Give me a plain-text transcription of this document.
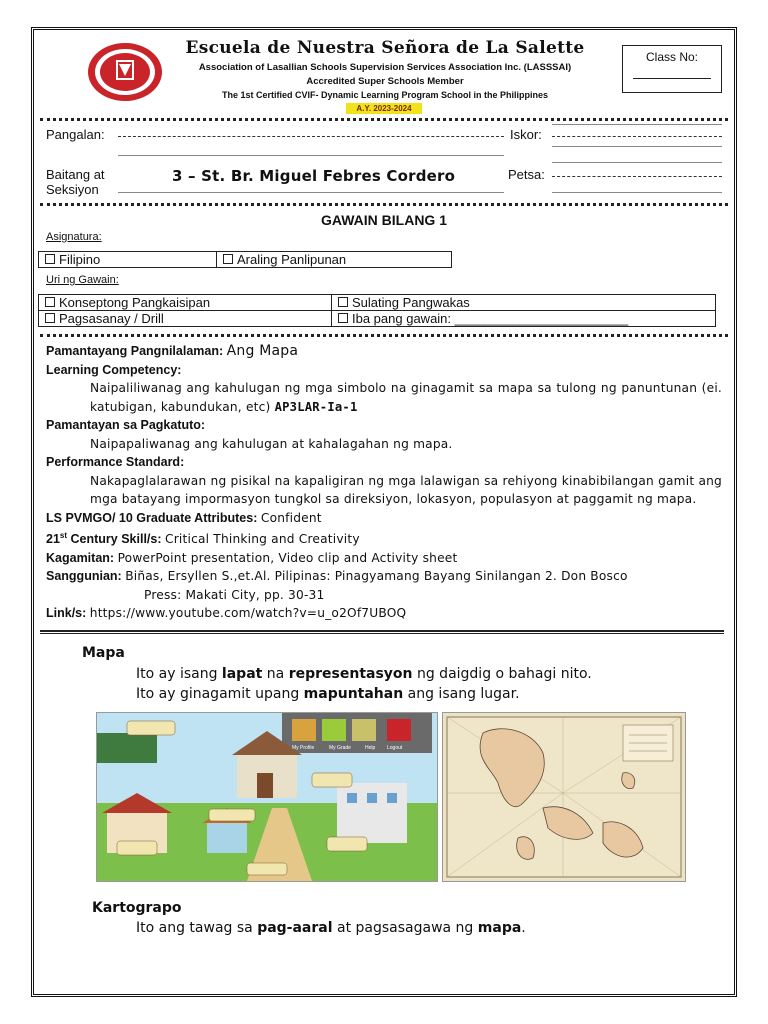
Escuela de Nuestra Señora de La Salette
Association of Lasallian Schools Supervision Services Association Inc. (LASSSAI)
Accredited Super Schools Member
The 1st Certified CVIF- Dynamic Learning Program School in the Philippines
A.Y. 2023-2024
Class No:
Pangalan:	Iskor:
Baitang at
Seksiyon
3 – St. Br. Miguel Febres Cordero	Petsa:
GAWAIN BILANG 1
Asignatura:
Filipino	Araling Panlipunan
Uri ng Gawain:
Konseptong Pangkaisipan	Sulating Pangwakas
Pagsasanay / Drill	Iba pang gawain: ________________________
Pamantayang Pangnilalaman: Ang Mapa
Learning Competency:
Naipaliliwanag ang kahulugan ng mga simbolo na ginagamit sa mapa sa tulong ng panuntunan (ei. katubigan, kabundukan, etc) AP3LAR-Ia-1
Pamantayan sa Pagkatuto:
Naipapaliwanag ang kahulugan at kahalagahan ng mapa.
Performance Standard:
Nakapaglalarawan ng pisikal na kapaligiran ng mga lalawigan sa rehiyong kinabibilangan gamit ang mga batayang impormasyon tungkol sa direksiyon, lokasyon, populasyon at paggamit ng mapa.
LS PVMGO/ 10 Graduate Attributes: Confident
21st Century Skill/s: Critical Thinking and Creativity
Kagamitan: PowerPoint presentation, Video clip and Activity sheet
Sanggunian: Biñas, Ersyllen S.,et.Al. Pilipinas: Pinagyamang Bayang Sinilangan 2. Don Bosco
Press: Makati City, pp. 30-31
Link/s: https://www.youtube.com/watch?v=u_o2Of7UBOQ
Mapa
Ito ay isang lapat na representasyon ng daigdig o bahagi nito.
Ito ay ginagamit upang mapuntahan ang isang lugar.
My Profile	My Grade	Help Logout
Kartograpo
Ito ang tawag sa pag-aaral at pagsasagawa ng mapa.
